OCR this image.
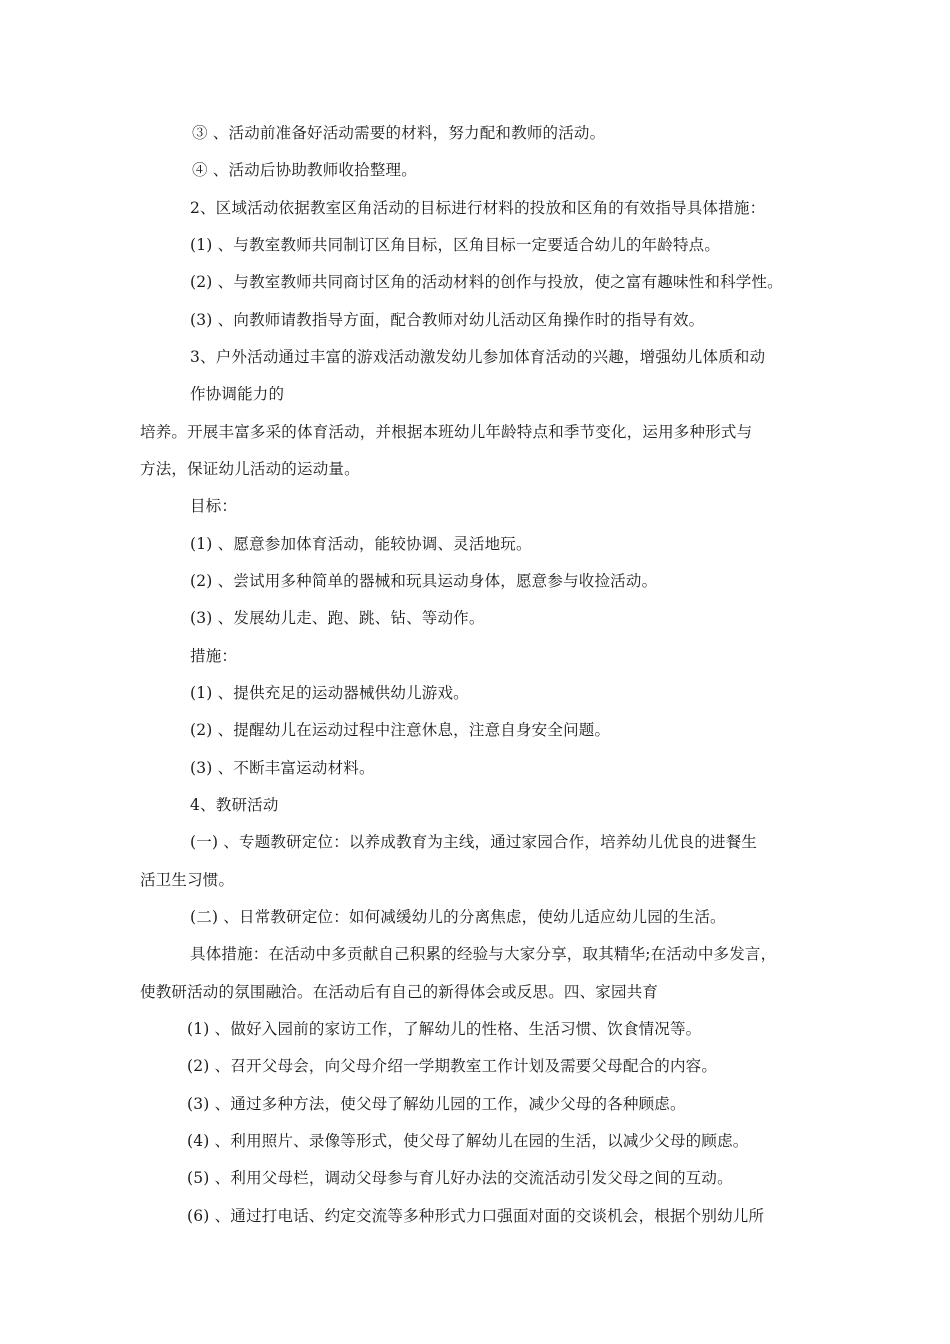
③ 、活动前准备好活动需要的材料，努力配和教师的活动。
④ 、活动后协助教师收拾整理。
2、区域活动依据教室区角活动的目标进行材料的投放和区角的有效指导具体措施：
(1) 、与教室教师共同制订区角目标，区角目标一定要适合幼儿的年龄特点。
(2) 、与教室教师共同商讨区角的活动材料的创作与投放，使之富有趣味性和科学性。
(3) 、向教师请教指导方面，配合教师对幼儿活动区角操作时的指导有效。
3、户外活动通过丰富的游戏活动激发幼儿参加体育活动的兴趣，增强幼儿体质和动
作协调能力的
培养。开展丰富多采的体育活动，并根据本班幼儿年龄特点和季节变化，运用多种形式与
方法，保证幼儿活动的运动量。
目标：
(1) 、愿意参加体育活动，能较协调、灵活地玩。
(2) 、尝试用多种简单的器械和玩具运动身体，愿意参与收捡活动。
(3) 、发展幼儿走、跑、跳、钻、等动作。
措施：
(1) 、提供充足的运动器械供幼儿游戏。
(2) 、提醒幼儿在运动过程中注意休息，注意自身安全问题。
(3) 、不断丰富运动材料。
4、教研活动
(一) 、专题教研定位：以养成教育为主线，通过家园合作，培养幼儿优良的进餐生
活卫生习惯。
(二) 、日常教研定位：如何减缓幼儿的分离焦虑，使幼儿适应幼儿园的生活。
具体措施：在活动中多贡献自己积累的经验与大家分享，取其精华;在活动中多发言，
使教研活动的氛围融洽。在活动后有自己的新得体会或反思。四、家园共育
(1) 、做好入园前的家访工作，了解幼儿的性格、生活习惯、饮食情况等。
(2) 、召开父母会，向父母介绍一学期教室工作计划及需要父母配合的内容。
(3) 、通过多种方法，使父母了解幼儿园的工作，减少父母的各种顾虑。
(4) 、利用照片、录像等形式，使父母了解幼儿在园的生活，以减少父母的顾虑。
(5) 、利用父母栏，调动父母参与育儿好办法的交流活动引发父母之间的互动。
(6) 、通过打电话、约定交流等多种形式力口强面对面的交谈机会，根据个别幼儿所
